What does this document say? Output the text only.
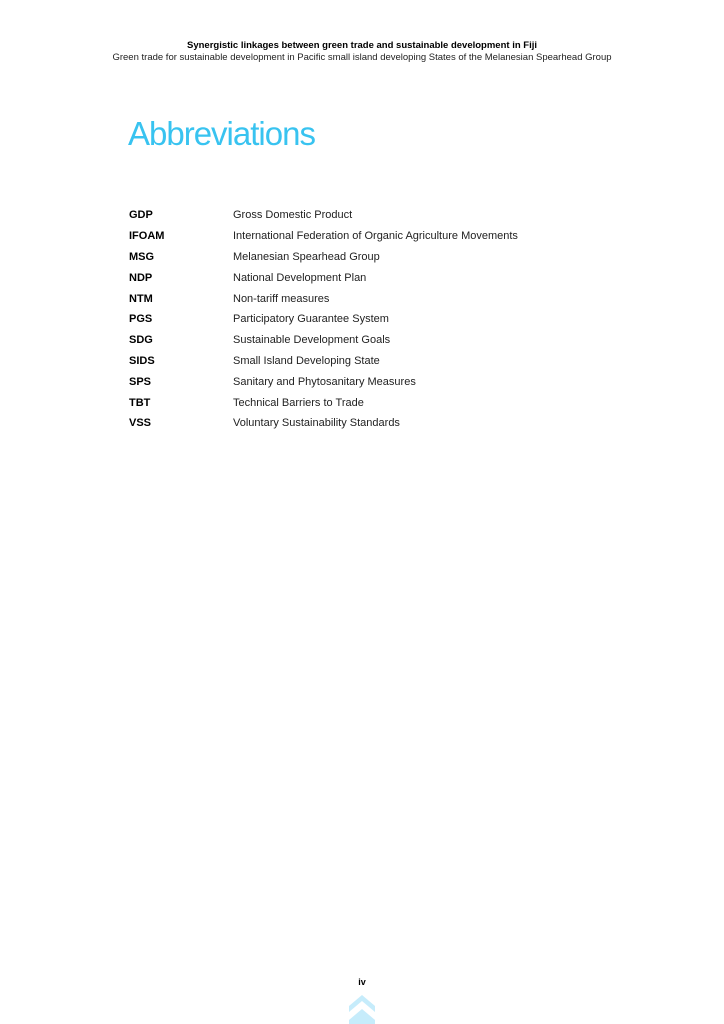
Synergistic linkages between green trade and sustainable development in Fiji
Green trade for sustainable development in Pacific small island developing States of the Melanesian Spearhead Group
Abbreviations
GDP	Gross Domestic Product
IFOAM	International Federation of Organic Agriculture Movements
MSG	Melanesian Spearhead Group
NDP	National Development Plan
NTM	Non-tariff measures
PGS	Participatory Guarantee System
SDG	Sustainable Development Goals
SIDS	Small Island Developing State
SPS	Sanitary and Phytosanitary Measures
TBT	Technical Barriers to Trade
VSS	Voluntary Sustainability Standards
iv
